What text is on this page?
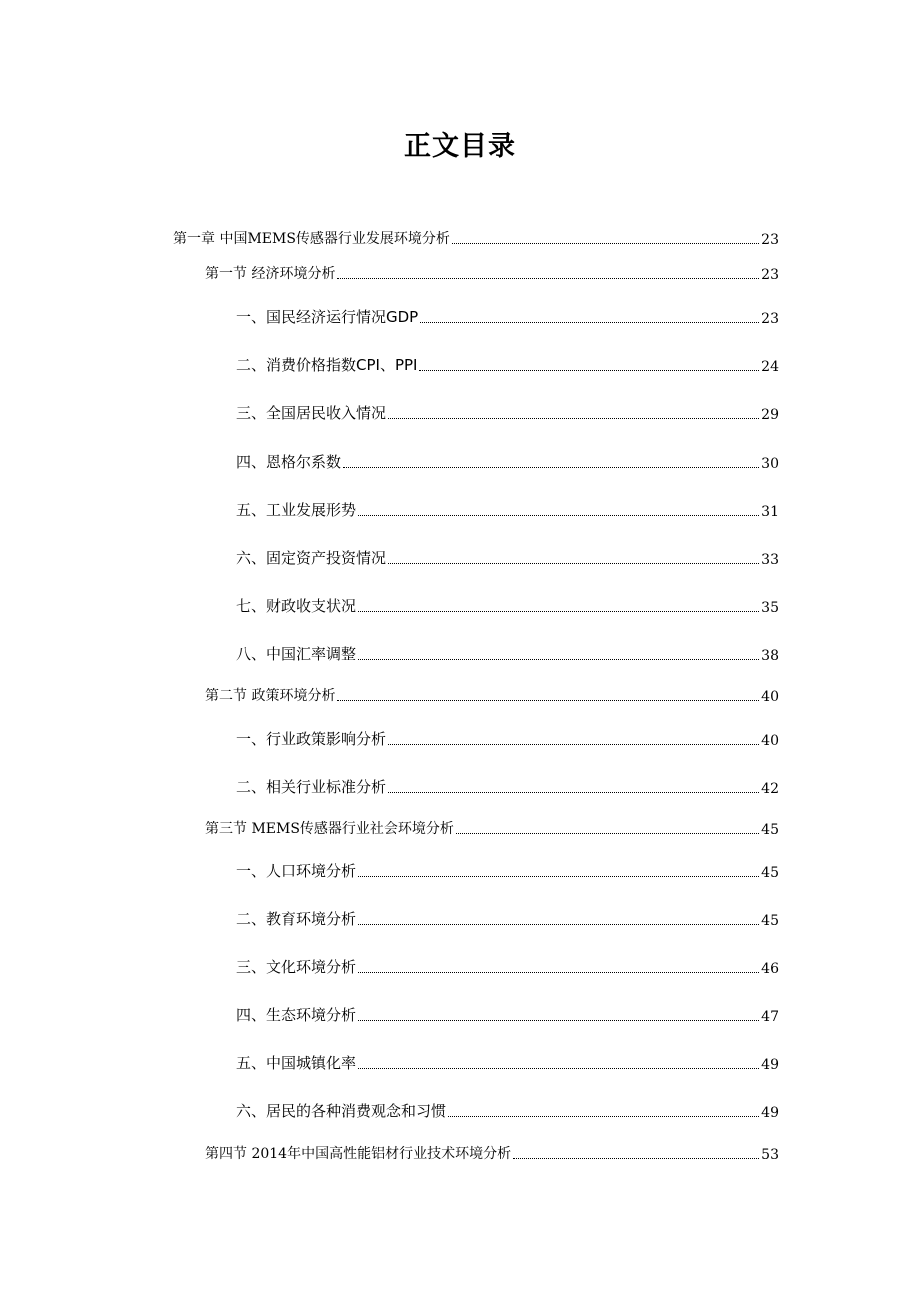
正文目录
第一章 中国MEMS传感器行业发展环境分析	23
第一节 经济环境分析	23
一、国民经济运行情况GDP	23
二、消费价格指数CPI、PPI	24
三、全国居民收入情况	29
四、恩格尔系数	30
五、工业发展形势	31
六、固定资产投资情况	33
七、财政收支状况	35
八、中国汇率调整	38
第二节 政策环境分析	40
一、行业政策影响分析	40
二、相关行业标准分析	42
第三节 MEMS传感器行业社会环境分析	45
一、人口环境分析	45
二、教育环境分析	45
三、文化环境分析	46
四、生态环境分析	47
五、中国城镇化率	49
六、居民的各种消费观念和习惯	49
第四节 2014年中国高性能铝材行业技术环境分析	53
